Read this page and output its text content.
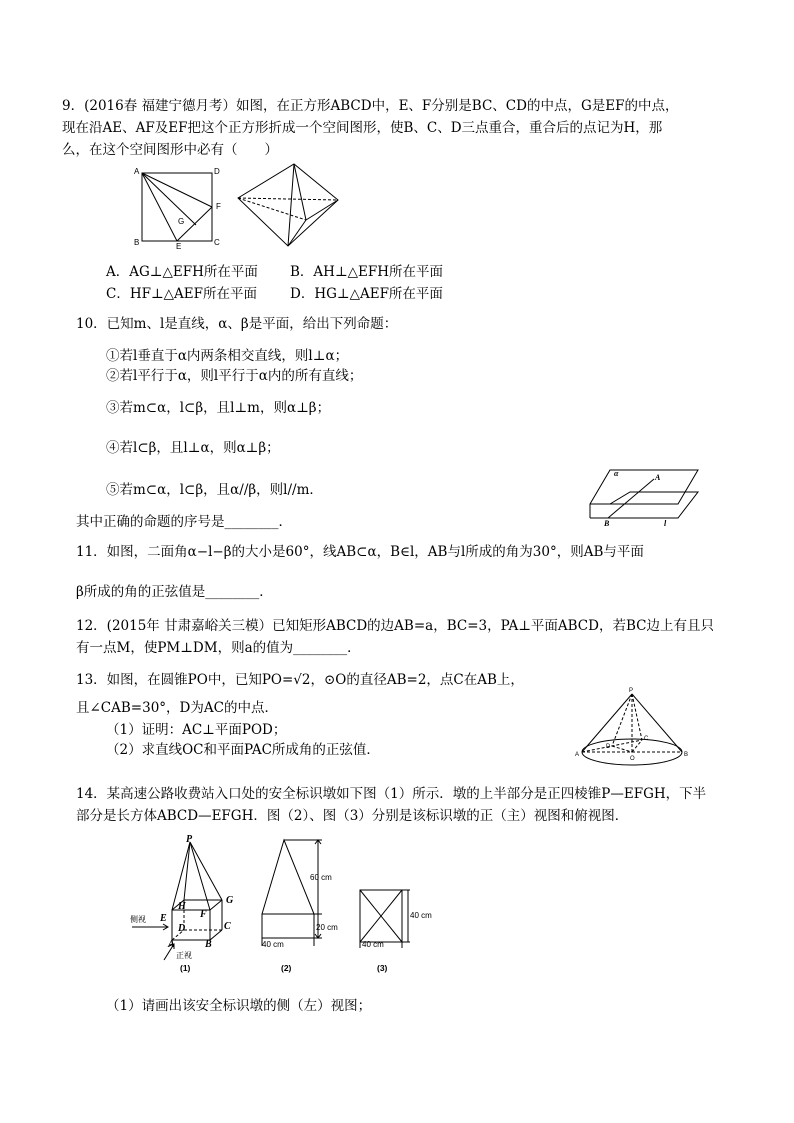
9．(2016春 福建宁德月考）如图，在正方形ABCD中，E、F分别是BC、CD的中点，G是EF的中点，
现在沿AE、AF及EF把这个正方形折成一个空间图形，使B、C、D三点重合，重合后的点记为H，那
么，在这个空间图形中必有（　　）
A	D
F
G
B	E	C
A．AG⊥△EFH所在平面 B．AH⊥△EFH所在平面
C．HF⊥△AEF所在平面 D．HG⊥△AEF所在平面
10．已知m、l是直线，α、β是平面，给出下列命题：
①若l垂直于α内两条相交直线，则l⊥α；
②若l平行于α，则l平行于α内的所有直线；
③若m⊂α，l⊂β，且l⊥m，则α⊥β；
④若l⊂β，且l⊥α，则α⊥β；
⑤若m⊂α，l⊂β，且α//β，则l//m．
其中正确的命题的序号是________．
α	A
B	l
11．如图，二面角α−l−β的大小是60°，线AB⊂α，B∈l，AB与l所成的角为30°，则AB与平面
β所成的角的正弦值是________．
12．(2015年 甘肃嘉峪关三模）已知矩形ABCD的边AB=a，BC=3，PA⊥平面ABCD，若BC边上有且只
有一点M，使PM⊥DM，则a的值为________．
13．如图，在圆锥PO中，已知PO=√2，⊙O的直径AB=2，点C在AB上，
且∠CAB=30°，D为AC的中点．
（1）证明：AC⊥平面POD；
（2）求直线OC和平面PAC所成角的正弦值．
P
A	B
C
D
O
14．某高速公路收费站入口处的安全标识墩如下图（1）所示．墩的上半部分是正四棱锥P—EFGH，下半
部分是长方体ABCD—EFGH．图（2）、图（3）分别是该标识墩的正（主）视图和俯视图．
P
G
H
F
E
D	C
A	B
侧视
正视
(1)
60 cm
20 cm
40 cm
(2)
40 cm
40 cm
(3)
（1）请画出该安全标识墩的侧（左）视图；
